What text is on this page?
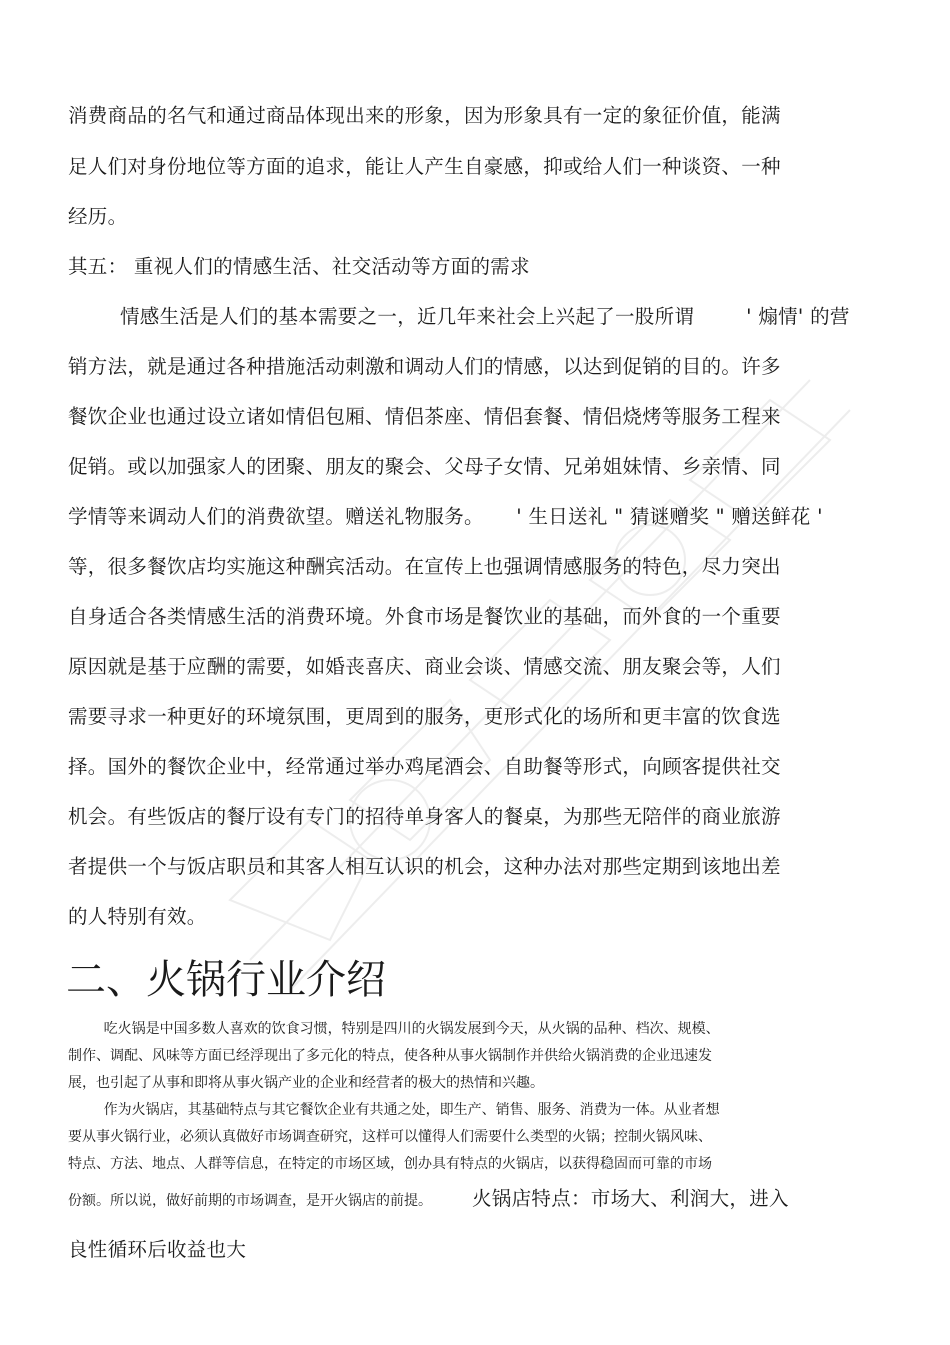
消费商品的名气和通过商品体现出来的形象，因为形象具有一定的象征价值，能满
足人们对身份地位等方面的追求，能让人产生自豪感，抑或给人们一种谈资、一种
经历。
其五： 重视人们的情感生活、社交活动等方面的需求
情感生活是人们的基本需要之一，近几年来社会上兴起了一股所谓        ' 煽情' 的营
销方法，就是通过各种措施活动刺激和调动人们的情感，以达到促销的目的。许多
餐饮企业也通过设立诸如情侣包厢、情侣茶座、情侣套餐、情侣烧烤等服务工程来
促销。或以加强家人的团聚、朋友的聚会、父母子女情、兄弟姐妹情、乡亲情、同
学情等来调动人们的消费欲望。赠送礼物服务。     ' 生日送礼 " 猜谜赠奖 " 赠送鲜花 '
等，很多餐饮店均实施这种酬宾活动。在宣传上也强调情感服务的特色，尽力突出
自身适合各类情感生活的消费环境。外食市场是餐饮业的基础，而外食的一个重要
原因就是基于应酬的需要，如婚丧喜庆、商业会谈、情感交流、朋友聚会等，人们
需要寻求一种更好的环境氛围，更周到的服务，更形式化的场所和更丰富的饮食选
择。国外的餐饮企业中，经常通过举办鸡尾酒会、自助餐等形式，向顾客提供社交
机会。有些饭店的餐厅设有专门的招待单身客人的餐桌，为那些无陪伴的商业旅游
者提供一个与饭店职员和其客人相互认识的机会，这种办法对那些定期到该地出差
的人特别有效。
二、火锅行业介绍
吃火锅是中国多数人喜欢的饮食习惯，特别是四川的火锅发展到今天，从火锅的品种、档次、规模、
制作、调配、风味等方面已经浮现出了多元化的特点，使各种从事火锅制作并供给火锅消费的企业迅速发
展，也引起了从事和即将从事火锅产业的企业和经营者的极大的热情和兴趣。
作为火锅店，其基础特点与其它餐饮企业有共通之处，即生产、销售、服务、消费为一体。从业者想
要从事火锅行业，必须认真做好市场调查研究，这样可以懂得人们需要什么类型的火锅；控制火锅风味、
特点、方法、地点、人群等信息，在特定的市场区域，创办具有特点的火锅店，以获得稳固而可靠的市场
份额。所以说，做好前期的市场调查，是开火锅店的前提。 火锅店特点：市场大、利润大，进入
良性循环后收益也大
